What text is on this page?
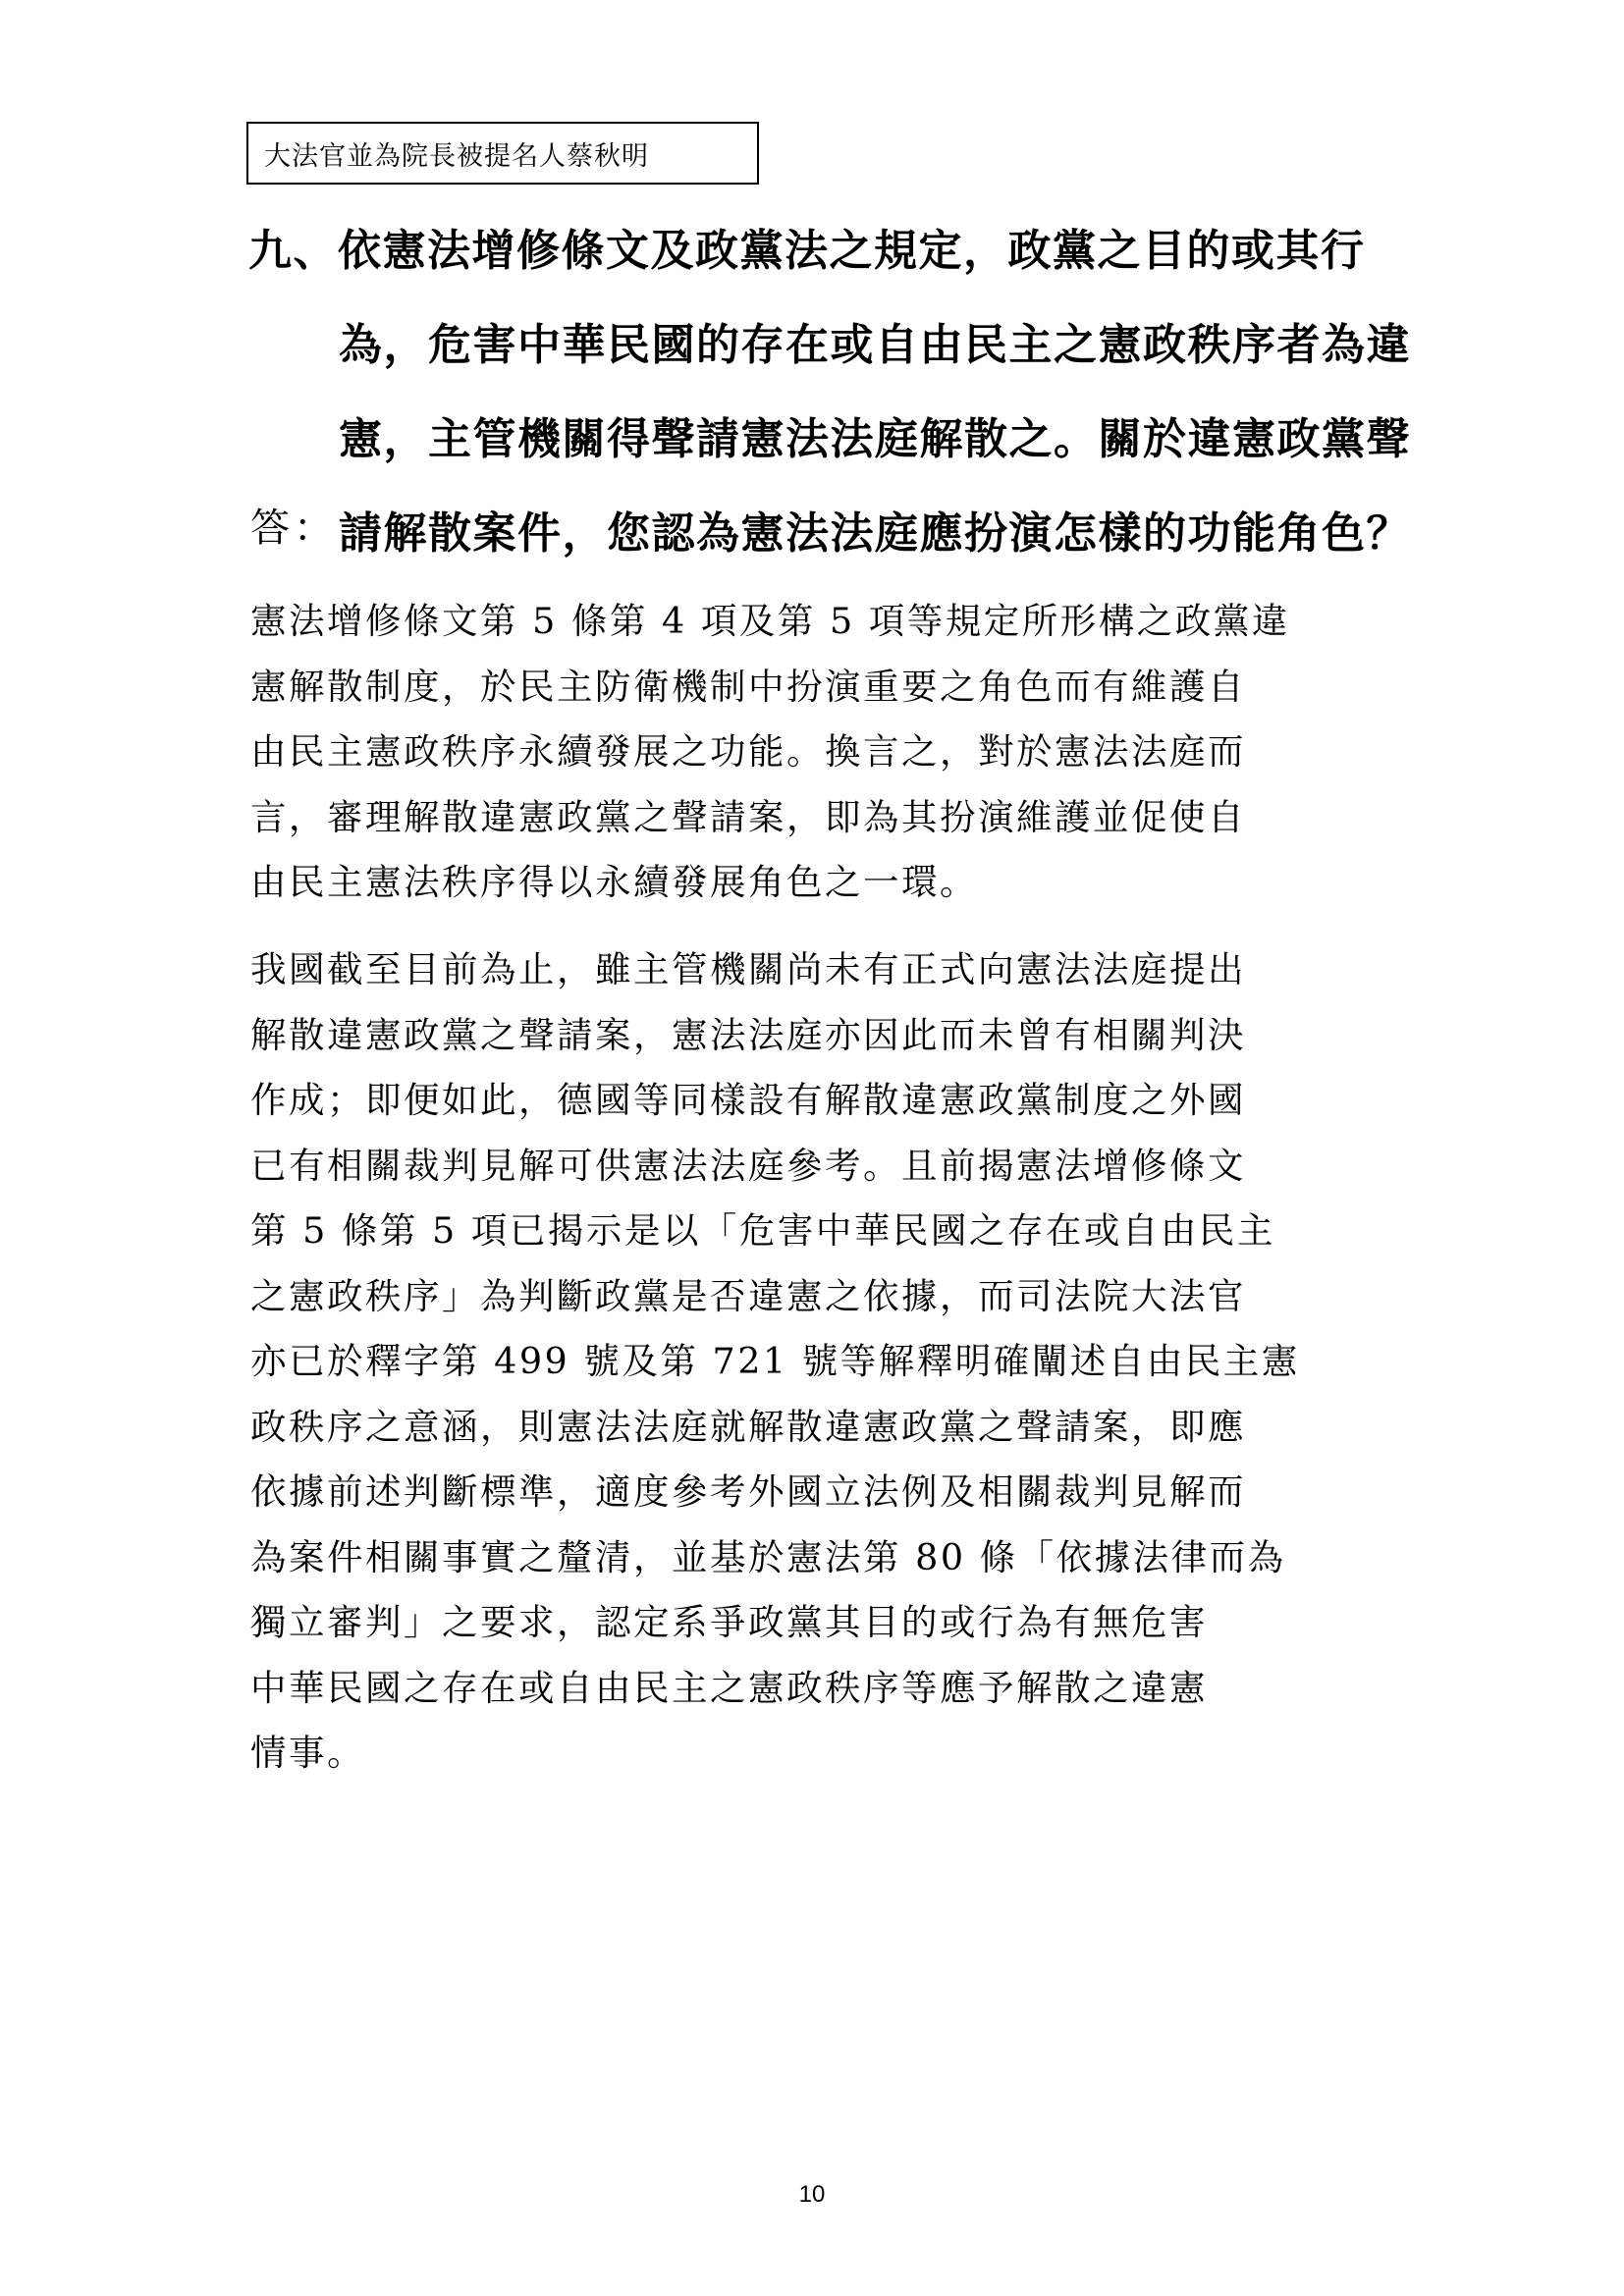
大法官並為院長被提名人蔡秋明
九、依憲法增修條文及政黨法之規定，政黨之目的或其行
為，危害中華民國的存在或自由民主之憲政秩序者為違
憲，主管機關得聲請憲法法庭解散之。關於違憲政黨聲
請解散案件，您認為憲法法庭應扮演怎樣的功能角色？
答：
憲法增修條文第 5 條第 4 項及第 5 項等規定所形構之政黨違
憲解散制度，於民主防衛機制中扮演重要之角色而有維護自
由民主憲政秩序永續發展之功能。換言之，對於憲法法庭而
言，審理解散違憲政黨之聲請案，即為其扮演維護並促使自
由民主憲法秩序得以永續發展角色之一環。
我國截至目前為止，雖主管機關尚未有正式向憲法法庭提出
解散違憲政黨之聲請案，憲法法庭亦因此而未曾有相關判決
作成；即便如此，德國等同樣設有解散違憲政黨制度之外國
已有相關裁判見解可供憲法法庭參考。且前揭憲法增修條文
第 5 條第 5 項已揭示是以「危害中華民國之存在或自由民主
之憲政秩序」為判斷政黨是否違憲之依據，而司法院大法官
亦已於釋字第 499 號及第 721 號等解釋明確闡述自由民主憲
政秩序之意涵，則憲法法庭就解散違憲政黨之聲請案，即應
依據前述判斷標準，適度參考外國立法例及相關裁判見解而
為案件相關事實之釐清，並基於憲法第 80 條「依據法律而為
獨立審判」之要求，認定系爭政黨其目的或行為有無危害
中華民國之存在或自由民主之憲政秩序等應予解散之違憲
情事。
10
